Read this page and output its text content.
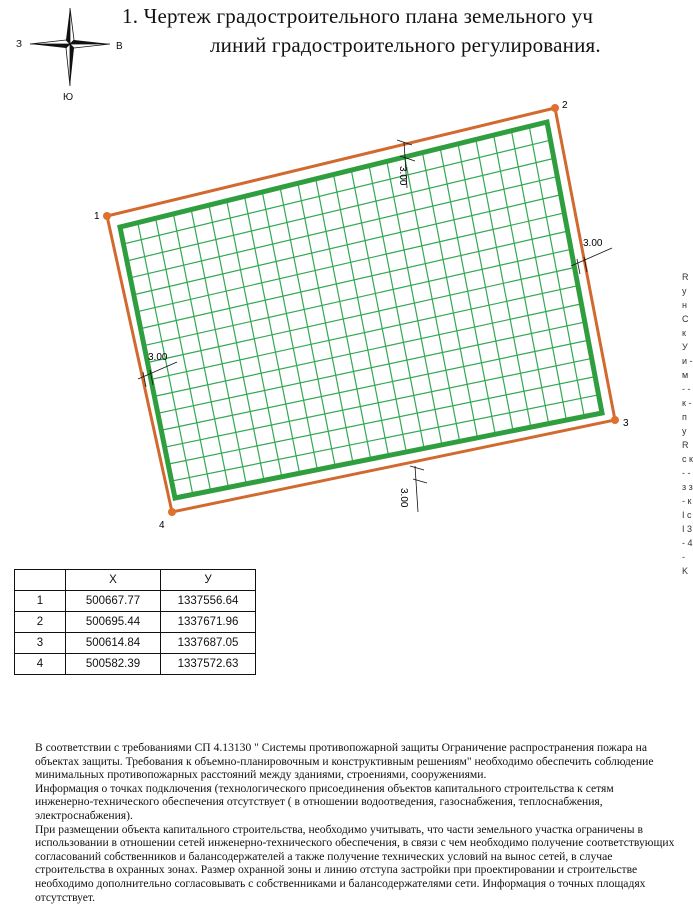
1. Чертеж градостроительного плана земельного уч
линий градостроительного регулирования.
З	В
Ю
1
2
3
4
3.00
3.00
3.00
3.00
	X	У
1	500667.77	1337556.64
2	500695.44	1337671.96
3	500614.84	1337687.05
4	500582.39	1337572.63

В соответствии с требованиями СП 4.13130 " Системы противопожарной защиты Ограничение распространения пожара на объектах защиты. Требования к объемно-планировочным и конструктивным решениям" необходимо обеспечить соблюдение минимальных противопожарных расстояний между зданиями, строениями, сооружениями.

Информация о точках подключения (технологического присоединения объектов капитального строительства к сетям инженерно-технического обеспечения отсутствует ( в отношении водоотведения, газоснабжения, теплоснабжения, электроснабжения).

При размещении объекта капитального строительства, необходимо учитывать, что части земельного участка ограничены в использовании в отношении сетей инженерно-технического обеспечения, в связи с чем необходимо получение соответствующих согласований собственников и балансодержателей а также получение технических условий на вынос сетей, в случае строительства в охранных зонах. Размер охранной зоны и линию отступа застройки при проектировании и строительстве необходимо дополнительно согласовывать с собственниками и балансодержателями сети. Информация о точных площадях отсутствует.

R у н С к У и - м - - к - п у R с к - - з з - к I с I 3 - 4 - K
